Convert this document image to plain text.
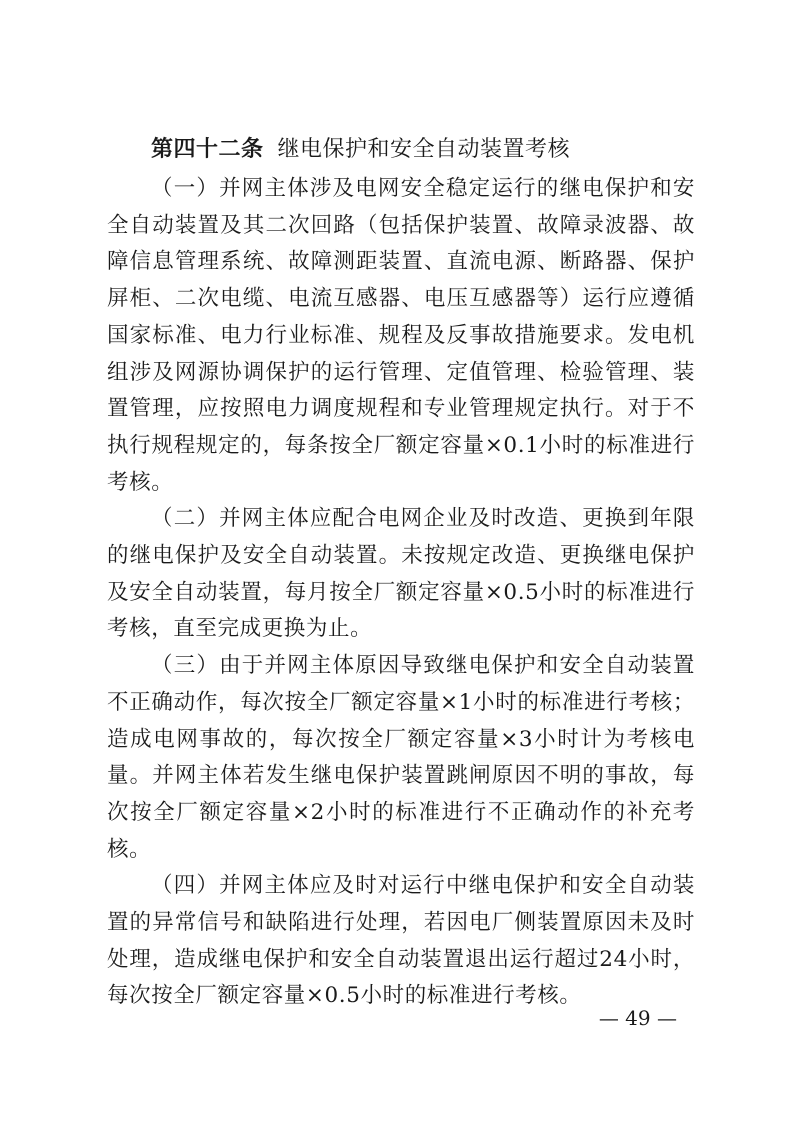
第四十二条 继电保护和安全自动装置考核

（一）并网主体涉及电网安全稳定运行的继电保护和安全自动装置及其二次回路（包括保护装置、故障录波器、故障信息管理系统、故障测距装置、直流电源、断路器、保护屏柜、二次电缆、电流互感器、电压互感器等）运行应遵循国家标准、电力行业标准、规程及反事故措施要求。发电机组涉及网源协调保护的运行管理、定值管理、检验管理、装置管理，应按照电力调度规程和专业管理规定执行。对于不执行规程规定的，每条按全厂额定容量×0.1小时的标准进行考核。

（二）并网主体应配合电网企业及时改造、更换到年限的继电保护及安全自动装置。未按规定改造、更换继电保护及安全自动装置，每月按全厂额定容量×0.5小时的标准进行考核，直至完成更换为止。

（三）由于并网主体原因导致继电保护和安全自动装置不正确动作，每次按全厂额定容量×1小时的标准进行考核；造成电网事故的，每次按全厂额定容量×3小时计为考核电量。并网主体若发生继电保护装置跳闸原因不明的事故，每次按全厂额定容量×2小时的标准进行不正确动作的补充考核。

（四）并网主体应及时对运行中继电保护和安全自动装置的异常信号和缺陷进行处理，若因电厂侧装置原因未及时处理，造成继电保护和安全自动装置退出运行超过24小时，每次按全厂额定容量×0.5小时的标准进行考核。

— 49 —
